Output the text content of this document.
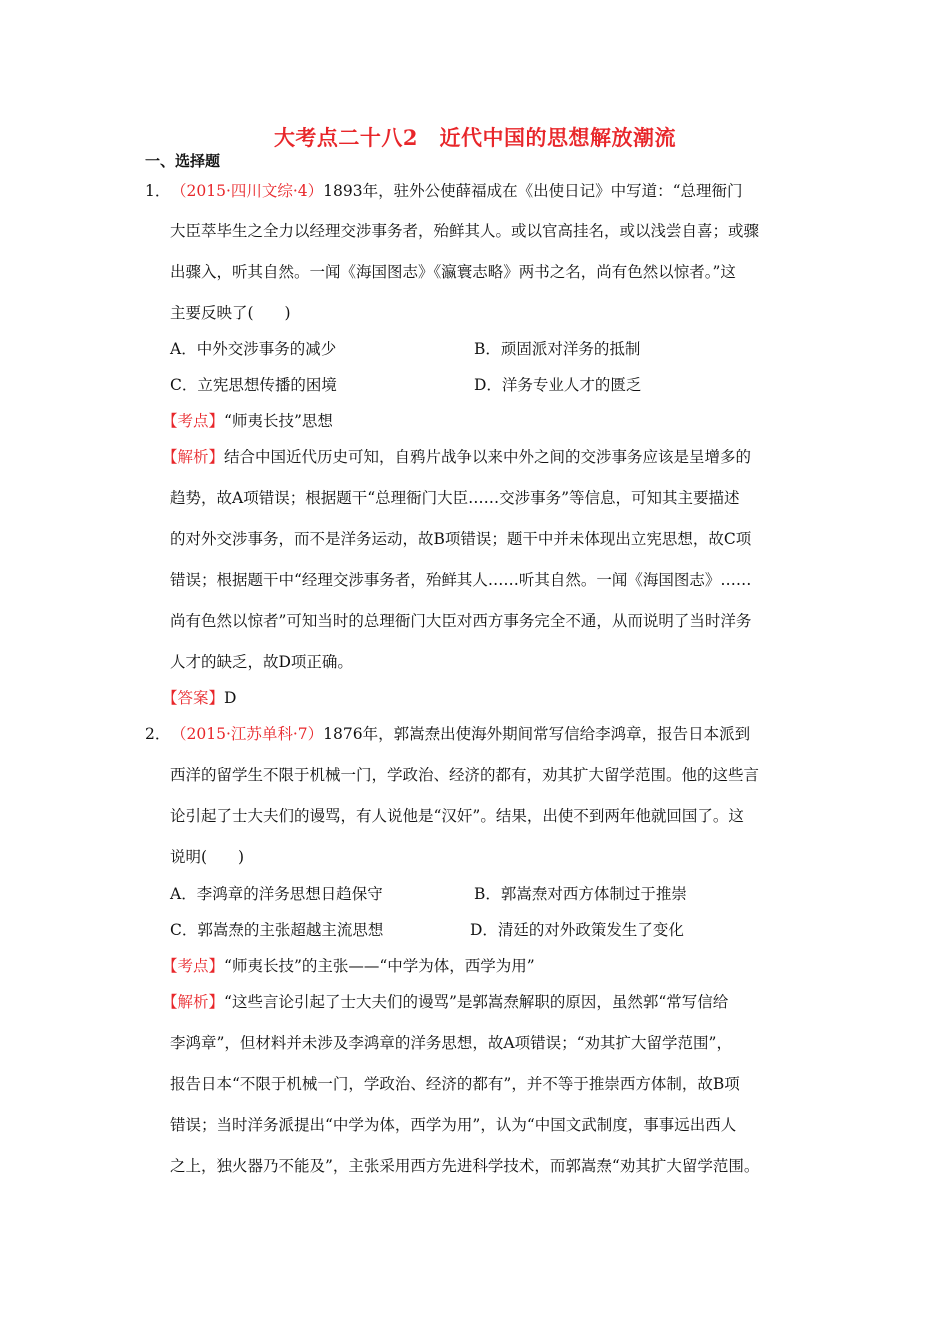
大考点二十八2　近代中国的思想解放潮流
一、选择题
1．（2015·四川文综·4）1893年，驻外公使薛福成在《出使日记》中写道：“总理衙门
大臣萃毕生之全力以经理交涉事务者，殆鲜其人。或以官高挂名，或以浅尝自喜；或骤
出骤入，听其自然。一闻《海国图志》《瀛寰志略》两书之名，尚有色然以惊者。”这
主要反映了(　　)
A．中外交涉事务的减少	B．顽固派对洋务的抵制
C．立宪思想传播的困境	D．洋务专业人才的匮乏
【考点】“师夷长技”思想
【解析】结合中国近代历史可知，自鸦片战争以来中外之间的交涉事务应该是呈增多的
趋势，故A项错误；根据题干“总理衙门大臣……交涉事务”等信息，可知其主要描述
的对外交涉事务，而不是洋务运动，故B项错误；题干中并未体现出立宪思想，故C项
错误；根据题干中“经理交涉事务者，殆鲜其人……听其自然。一闻《海国图志》……
尚有色然以惊者”可知当时的总理衙门大臣对西方事务完全不通，从而说明了当时洋务
人才的缺乏，故D项正确。
【答案】D
2．（2015·江苏单科·7）1876年，郭嵩焘出使海外期间常写信给李鸿章，报告日本派到
西洋的留学生不限于机械一门，学政治、经济的都有，劝其扩大留学范围。他的这些言
论引起了士大夫们的谩骂，有人说他是“汉奸”。结果，出使不到两年他就回国了。这
说明(　　)
A．李鸿章的洋务思想日趋保守	B．郭嵩焘对西方体制过于推崇
C．郭嵩焘的主张超越主流思想	D．清廷的对外政策发生了变化
【考点】“师夷长技”的主张——“中学为体，西学为用”
【解析】“这些言论引起了士大夫们的谩骂”是郭嵩焘解职的原因，虽然郭“常写信给
李鸿章”，但材料并未涉及李鸿章的洋务思想，故A项错误；“劝其扩大留学范围”，
报告日本“不限于机械一门，学政治、经济的都有”，并不等于推崇西方体制，故B项
错误；当时洋务派提出“中学为体，西学为用”，认为“中国文武制度，事事远出西人
之上，独火器乃不能及”，主张采用西方先进科学技术，而郭嵩焘“劝其扩大留学范围。
